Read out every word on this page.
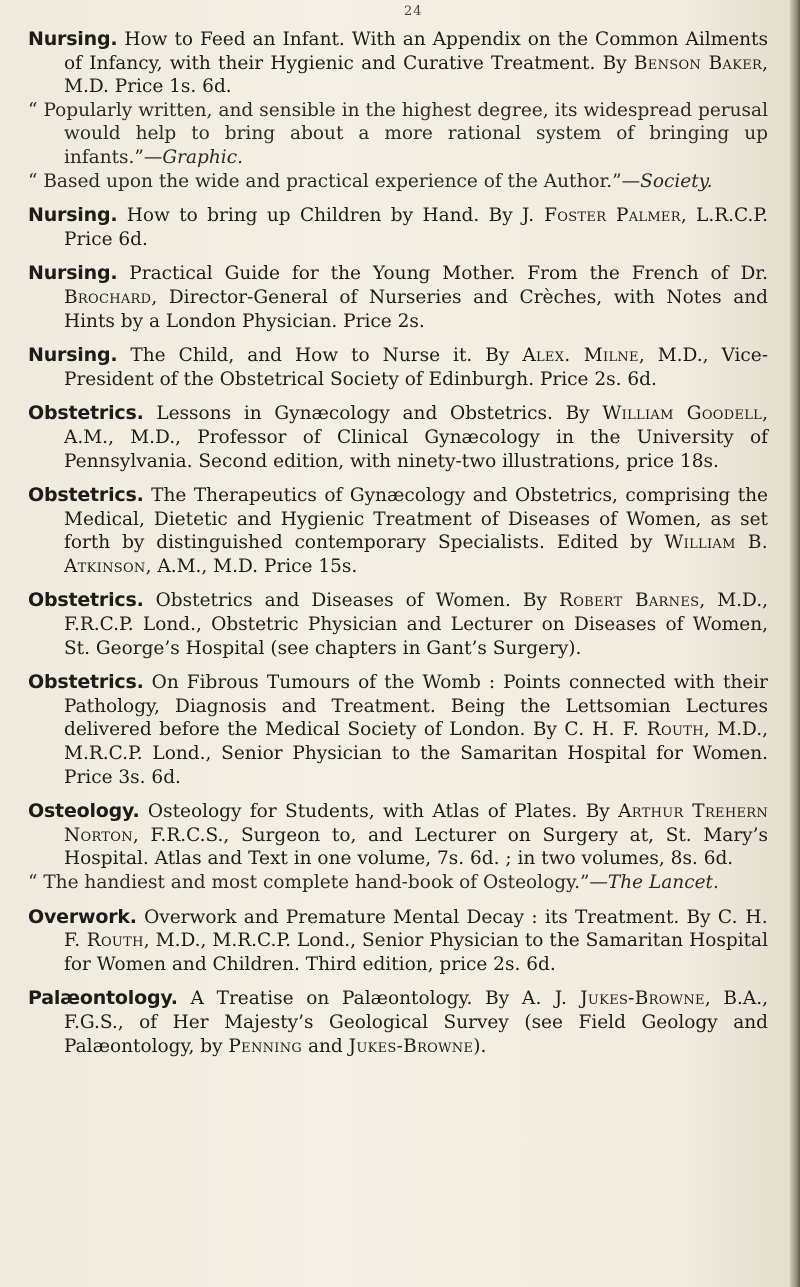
24

Nursing. How to Feed an Infant. With an Appendix on the Common Ailments of Infancy, with their Hygienic and Curative Treatment. By Benson Baker, M.D. Price 1s. 6d.

“ Popularly written, and sensible in the highest degree, its widespread perusal would help to bring about a more rational system of bringing up infants.”—Graphic.

“ Based upon the wide and practical experience of the Author.”—Society.

Nursing. How to bring up Children by Hand. By J. Foster Palmer, L.R.C.P. Price 6d.

Nursing. Practical Guide for the Young Mother. From the French of Dr. Brochard, Director-General of Nurseries and Crèches, with Notes and Hints by a London Physician. Price 2s.

Nursing. The Child, and How to Nurse it. By Alex. Milne, M.D., Vice-President of the Obstetrical Society of Edinburgh. Price 2s. 6d.

Obstetrics. Lessons in Gynæcology and Obstetrics. By William Goodell, A.M., M.D., Professor of Clinical Gynæcology in the University of Pennsylvania. Second edition, with ninety-two illustrations, price 18s.

Obstetrics. The Therapeutics of Gynæcology and Obstetrics, comprising the Medical, Dietetic and Hygienic Treatment of Diseases of Women, as set forth by distinguished contemporary Specialists. Edited by William B. Atkinson, A.M., M.D. Price 15s.

Obstetrics. Obstetrics and Diseases of Women. By Robert Barnes, M.D., F.R.C.P. Lond., Obstetric Physician and Lecturer on Diseases of Women, St. George’s Hospital (see chapters in Gant’s Surgery).

Obstetrics. On Fibrous Tumours of the Womb : Points connected with their Pathology, Diagnosis and Treatment. Being the Lettsomian Lectures delivered before the Medical Society of London. By C. H. F. Routh, M.D., M.R.C.P. Lond., Senior Physician to the Samaritan Hospital for Women. Price 3s. 6d.

Osteology. Osteology for Students, with Atlas of Plates. By Arthur Trehern Norton, F.R.C.S., Surgeon to, and Lecturer on Surgery at, St. Mary’s Hospital. Atlas and Text in one volume, 7s. 6d. ; in two volumes, 8s. 6d.

“ The handiest and most complete hand-book of Osteology.”—The Lancet.

Overwork. Overwork and Premature Mental Decay : its Treatment. By C. H. F. Routh, M.D., M.R.C.P. Lond., Senior Physician to the Samaritan Hospital for Women and Children. Third edition, price 2s. 6d.

Palæontology. A Treatise on Palæontology. By A. J. Jukes-Browne, B.A., F.G.S., of Her Majesty’s Geological Survey (see Field Geology and Palæontology, by Penning and Jukes-Browne).
